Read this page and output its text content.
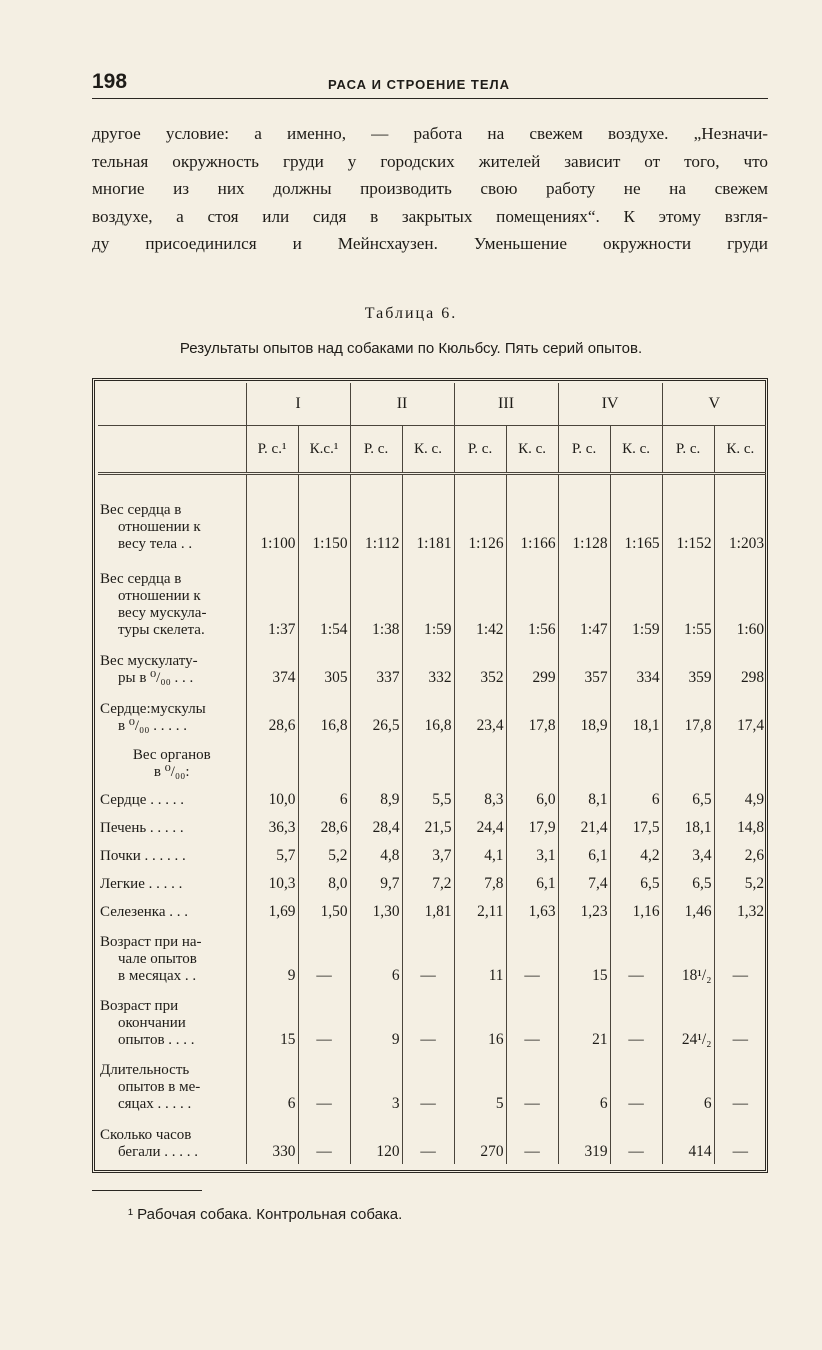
198	РАСА И СТРОЕНИЕ ТЕЛА
другое условие: а именно, — работа на свежем воздухе. „Незначи-
тельная окружность груди у городских жителей зависит от того, что
многие из них должны производить свою работу не на свежем
воздухе, а стоя или сидя в закрытых помещениях“. К этому взгля-
ду присоединился и Мейнсхаузен. Уменьшение окружности груди
Таблица 6.
Результаты опытов над собаками по Кюльбсу. Пять серий опытов.
	I		II		III		IV		V	
	Р. с.¹	К.с.¹	Р. с.	К. с.	Р. с.	К. с.	Р. с.	К. с.	Р. с.	К. с.

Вес сердца в
отношении к
весу тела . .	1:100	1:150	1:112	1:181	1:126	1:166	1:128	1:165	1:152	1:203

Вес сердца в
отношении к
весу мускула-
туры скелета.	1:37	1:54	1:38	1:59	1:42	1:56	1:47	1:59	1:55	1:60

Вес мускулату-
ры в ⁰/₀₀ . . .	374	305	337	332	352	299	357	334	359	298

Сердце:мускулы
в ⁰/₀₀ . . . . .	28,6	16,8	26,5	16,8	23,4	17,8	18,9	18,1	17,8	17,4

Вес органов
в ⁰/₀₀:										

Сердце . . . . .	10,0	6	8,9	5,5	8,3	6,0	8,1	6	6,5	4,9

Печень . . . . .	36,3	28,6	28,4	21,5	24,4	17,9	21,4	17,5	18,1	14,8

Почки . . . . . .	5,7	5,2	4,8	3,7	4,1	3,1	6,1	4,2	3,4	2,6

Легкие . . . . .	10,3	8,0	9,7	7,2	7,8	6,1	7,4	6,5	6,5	5,2

Селезенка . . .	1,69	1,50	1,30	1,81	2,11	1,63	1,23	1,16	1,46	1,32

Возраст при на-
чале опытов
в месяцах . .	9	—	6	—	11	—	15	—	18¹/₂	—

Возраст при
окончании
опытов . . . .	15	—	9	—	16	—	21	—	24¹/₂	—

Длительность
опытов в ме-
сяцах . . . . .	6	—	3	—	5	—	6	—	6	—

Сколько часов
бегали . . . . .	330	—	120	—	270	—	319	—	414	—
¹ Рабочая собака. Контрольная собака.
